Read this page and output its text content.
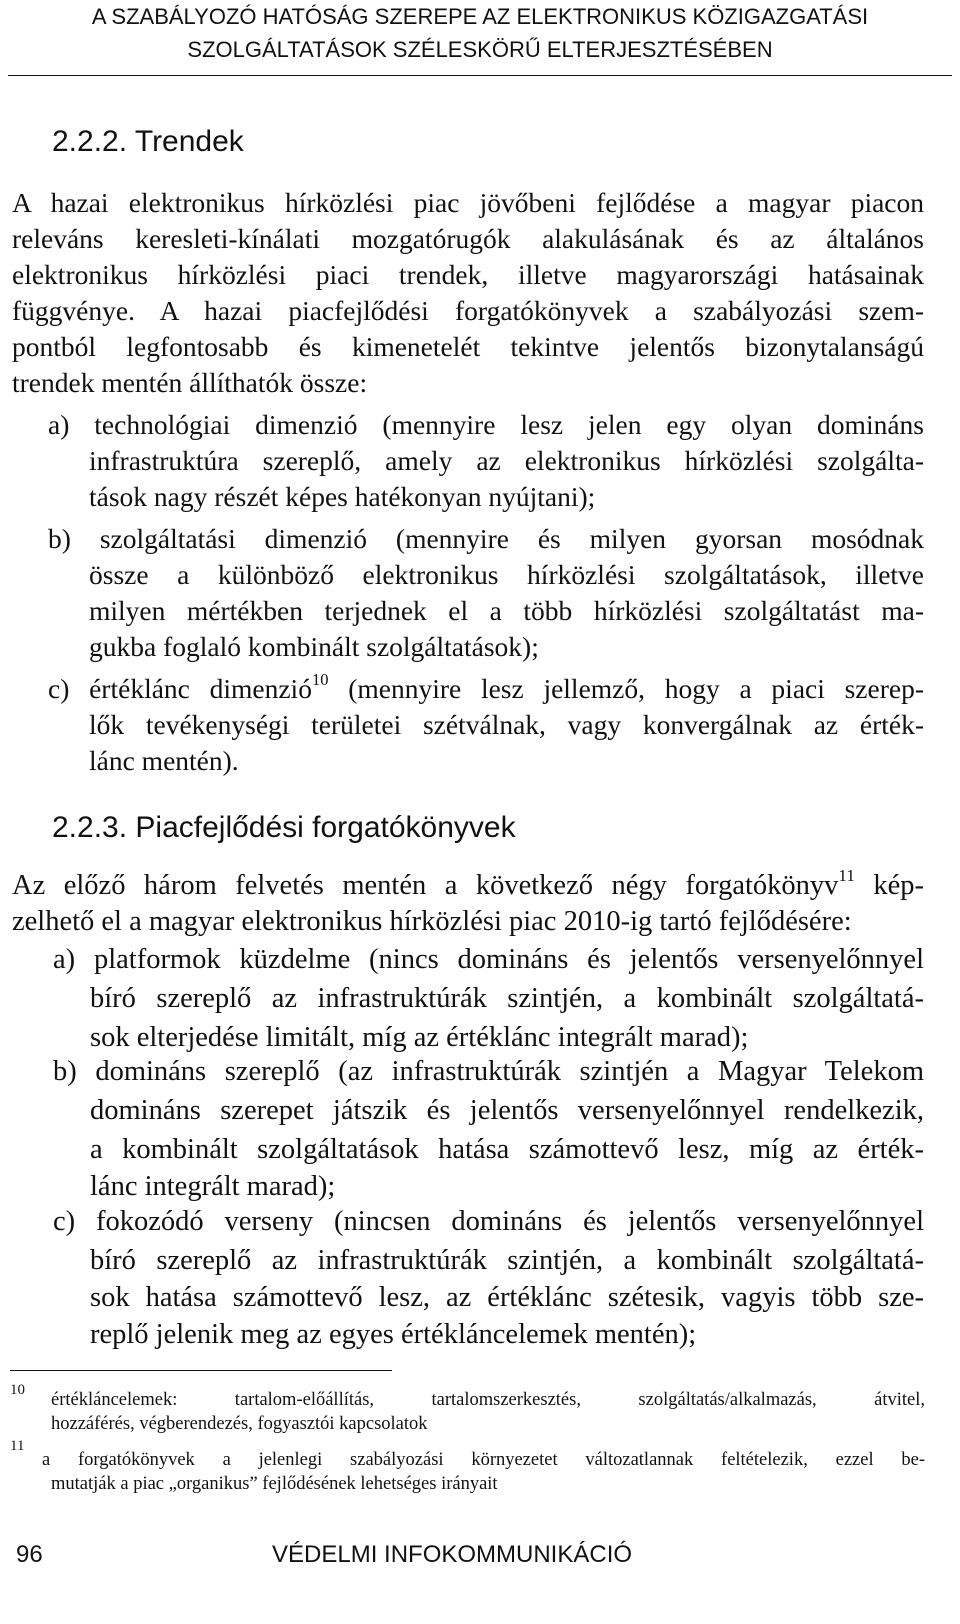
A SZABÁLYOZÓ HATÓSÁG SZEREPE AZ ELEKTRONIKUS KÖZIGAZGATÁSI
SZOLGÁLTATÁSOK SZÉLESKÖRŰ ELTERJESZTÉSÉBEN
2.2.2. Trendek
A hazai elektronikus hírközlési piac jövőbeni fejlődése a magyar piacon
releváns keresleti-kínálati mozgatórugók alakulásának és az általános
elektronikus hírközlési piaci trendek, illetve magyarországi hatásainak
függvénye. A hazai piacfejlődési forgatókönyvek a szabályozási szem-
pontból legfontosabb és kimenetelét tekintve jelentős bizonytalanságú
trendek mentén állíthatók össze:
a) technológiai dimenzió (mennyire lesz jelen egy olyan domináns
infrastruktúra szereplő, amely az elektronikus hírközlési szolgálta-
tások nagy részét képes hatékonyan nyújtani);
b) szolgáltatási dimenzió (mennyire és milyen gyorsan mosódnak
össze a különböző elektronikus hírközlési szolgáltatások, illetve
milyen mértékben terjednek el a több hírközlési szolgáltatást ma-
gukba foglaló kombinált szolgáltatások);
c) értéklánc dimenzió$^{10}$ (mennyire lesz jellemző, hogy a piaci szerep-
lők tevékenységi területei szétválnak, vagy konvergálnak az érték-
lánc mentén).
2.2.3. Piacfejlődési forgatókönyvek
Az előző három felvetés mentén a következő négy forgatókönyv$^{11}$ kép-
zelhető el a magyar elektronikus hírközlési piac 2010-ig tartó fejlődésére:
a) platformok küzdelme (nincs domináns és jelentős versenyelőnnyel
bíró szereplő az infrastruktúrák szintjén, a kombinált szolgáltatá-
sok elterjedése limitált, míg az értéklánc integrált marad);
b) domináns szereplő (az infrastruktúrák szintjén a Magyar Telekom
domináns szerepet játszik és jelentős versenyelőnnyel rendelkezik,
a kombinált szolgáltatások hatása számottevő lesz, míg az érték-
lánc integrált marad);
c) fokozódó verseny (nincsen domináns és jelentős versenyelőnnyel
bíró szereplő az infrastruktúrák szintjén, a kombinált szolgáltatá-
sok hatása számottevő lesz, az értéklánc szétesik, vagyis több sze-
replő jelenik meg az egyes értékláncelemek mentén);
10 értékláncelemek: tartalom-előállítás, tartalomszerkesztés, szolgáltatás/alkalmazás, átvitel,
hozzáférés, végberendezés, fogyasztói kapcsolatok
11
a forgatókönyvek a jelenlegi szabályozási környezetet változatlannak feltételezik, ezzel be-
mutatják a piac „organikus” fejlődésének lehetséges irányait
96	VÉDELMI INFOKOMMUNIKÁCIÓ
